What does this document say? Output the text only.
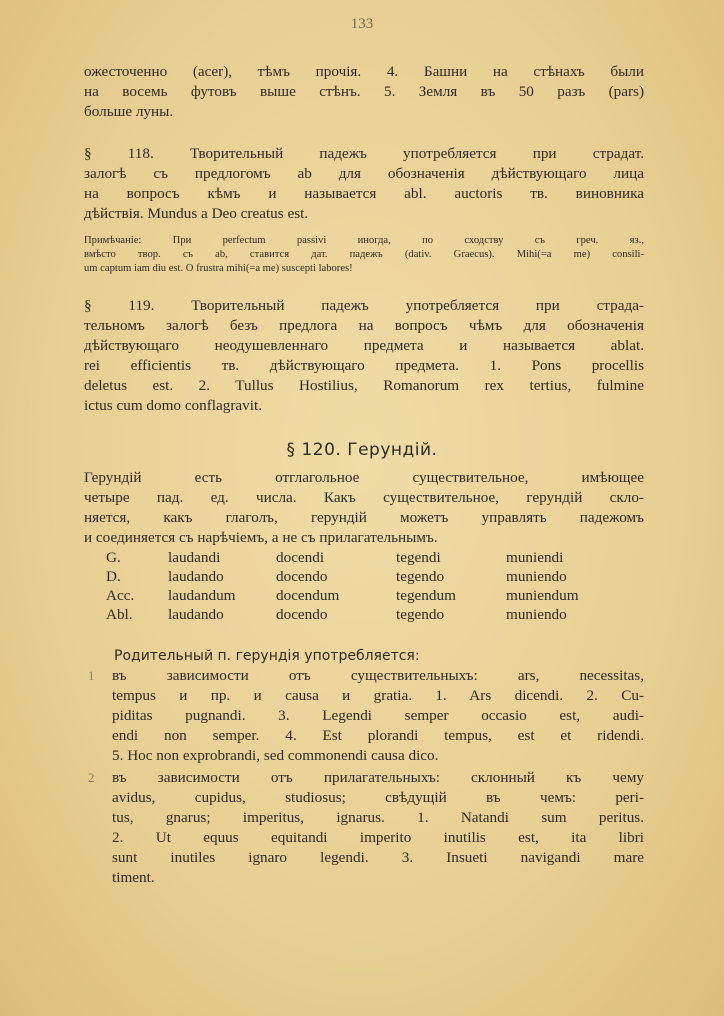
133
ожесточенно (acer), тѣмъ прочія. 4. Башни на стѣнахъ были
на восемь футовъ выше стѣнъ. 5. Земля въ 50 разъ (pars)
больше луны.
§ 118. Творительный падежъ употребляется при страдат.
залогѣ съ предлогомъ ab для обозначенія дѣйствующаго лица
на вопросъ кѣмъ и называется abl. auctoris тв. виновника
дѣйствія. Mundus a Deo creatus est.
Примѣчаніе: При perfectum passivi иногда, по сходству съ греч. яз.,
вмѣсто твор. съ ab, ставится дат. падежъ (dativ. Graecus). Mihi(=a me) consili-
um captum iam diu est. O frustra mihi(=a me) suscepti labores!
§ 119. Творительный падежъ употребляется при страда-
тельномъ залогѣ безъ предлога на вопросъ чѣмъ для обозначенія
дѣйствующаго неодушевленнаго предмета и называется ablat.
rei efficientis тв. дѣйствующаго предмета. 1. Pons procellis
deletus est. 2. Tullus Hostilius, Romanorum rex tertius, fulmine
ictus cum domo conflagravit.
§ 120. Герундій.
Герундій есть отглагольное существительное, имѣющее
четыре пад. ед. числа. Какъ существительное, герундій скло-
няется, какъ глаголъ, герундій можетъ управлять падежомъ
и соединяется съ нарѣчіемъ, а не съ прилагательнымъ.
G.	laudandi	docendi	tegendi	muniendi
D.	laudando	docendo	tegendo	muniendo
Acc.	laudandum	docendum	tegendum	muniendum
Abl.	laudando	docendo	tegendo	muniendo
Родительный п. герундія употребляется:
1 въ зависимости отъ существительныхъ: ars, necessitas,
tempus и пр. и causa и gratia. 1. Ars dicendi. 2. Cu-
piditas pugnandi. 3. Legendi semper occasio est, audi-
endi non semper. 4. Est plorandi tempus, est et ridendi.
5. Hoc non exprobrandi, sed commonendi causa dico.
2 въ зависимости отъ прилагательныхъ: склонный къ чему
avidus, cupidus, studiosus; свѣдущій въ чемъ: peri-
tus, gnarus; imperitus, ignarus. 1. Natandi sum peritus.
2. Ut equus equitandi imperito inutilis est, ita libri
sunt inutiles ignaro legendi. 3. Insueti navigandi mare
timent.
